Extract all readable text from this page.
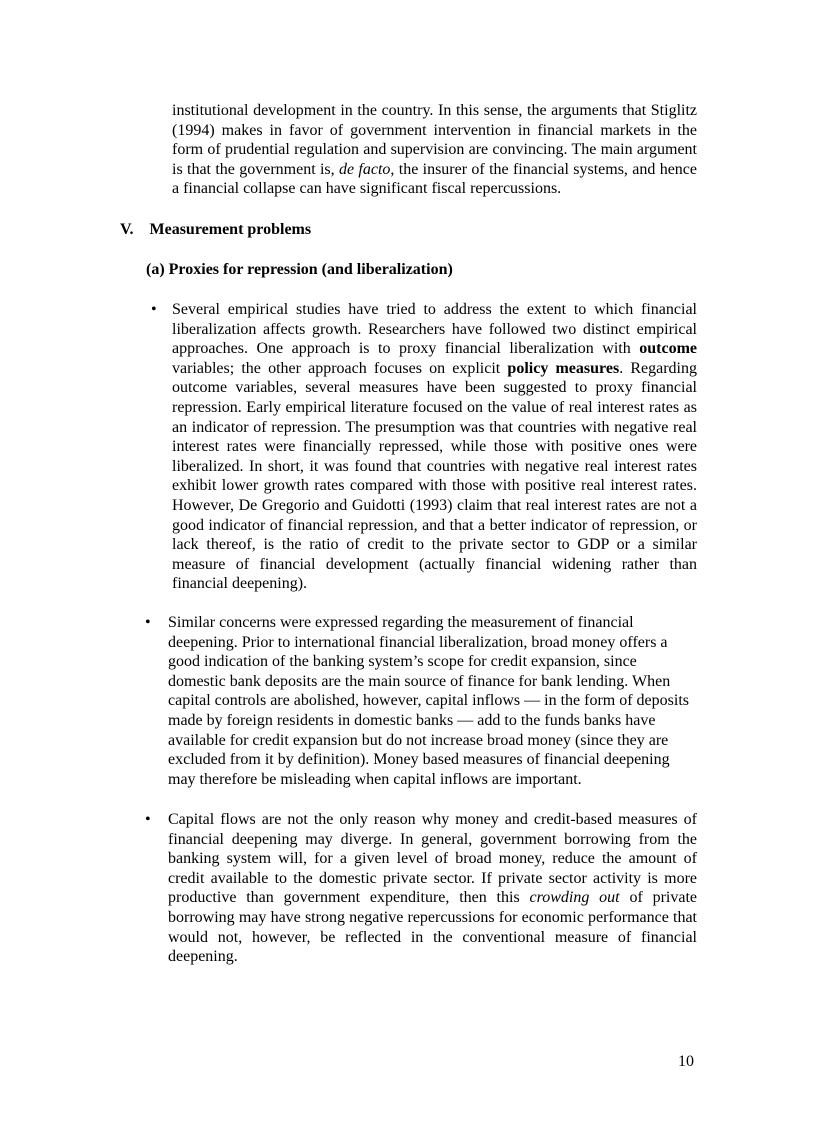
institutional development in the country. In this sense, the arguments that Stiglitz
(1994) makes in favor of government intervention in financial markets in the
form of prudential regulation and supervision are convincing. The main argument
is that the government is, de facto, the insurer of the financial systems, and hence
a financial collapse can have significant fiscal repercussions.
V. Measurement problems
(a) Proxies for repression (and liberalization)
• Several empirical studies have tried to address the extent to which financial
liberalization affects growth. Researchers have followed two distinct empirical
approaches. One approach is to proxy financial liberalization with outcome
variables; the other approach focuses on explicit policy measures. Regarding
outcome variables, several measures have been suggested to proxy financial
repression. Early empirical literature focused on the value of real interest rates as
an indicator of repression. The presumption was that countries with negative real
interest rates were financially repressed, while those with positive ones were
liberalized. In short, it was found that countries with negative real interest rates
exhibit lower growth rates compared with those with positive real interest rates.
However, De Gregorio and Guidotti (1993) claim that real interest rates are not a
good indicator of financial repression, and that a better indicator of repression, or
lack thereof, is the ratio of credit to the private sector to GDP or a similar
measure of financial development (actually financial widening rather than
financial deepening).
• Similar concerns were expressed regarding the measurement of financial
deepening. Prior to international financial liberalization, broad money offers a
good indication of the banking system’s scope for credit expansion, since
domestic bank deposits are the main source of finance for bank lending. When
capital controls are abolished, however, capital inflows — in the form of deposits
made by foreign residents in domestic banks — add to the funds banks have
available for credit expansion but do not increase broad money (since they are
excluded from it by definition). Money based measures of financial deepening
may therefore be misleading when capital inflows are important.
• Capital flows are not the only reason why money and credit-based measures of
financial deepening may diverge. In general, government borrowing from the
banking system will, for a given level of broad money, reduce the amount of
credit available to the domestic private sector. If private sector activity is more
productive than government expenditure, then this crowding out of private
borrowing may have strong negative repercussions for economic performance that
would not, however, be reflected in the conventional measure of financial
deepening.
10
